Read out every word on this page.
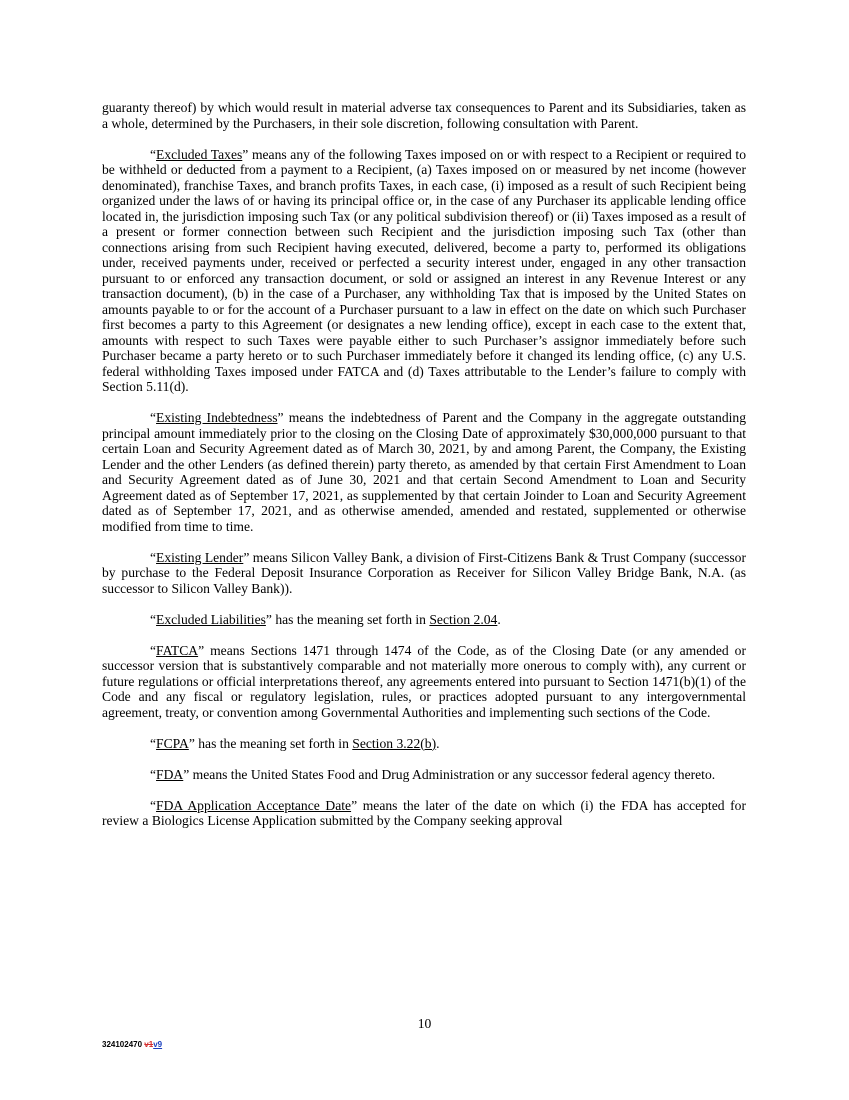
guaranty thereof) by which would result in material adverse tax consequences to Parent and its Subsidiaries, taken as a whole, determined by the Purchasers, in their sole discretion, following consultation with Parent.

“Excluded Taxes” means any of the following Taxes imposed on or with respect to a Recipient or required to be withheld or deducted from a payment to a Recipient, (a) Taxes imposed on or measured by net income (however denominated), franchise Taxes, and branch profits Taxes, in each case, (i) imposed as a result of such Recipient being organized under the laws of or having its principal office or, in the case of any Purchaser its applicable lending office located in, the jurisdiction imposing such Tax (or any political subdivision thereof) or (ii) Taxes imposed as a result of a present or former connection between such Recipient and the jurisdiction imposing such Tax (other than connections arising from such Recipient having executed, delivered, become a party to, performed its obligations under, received payments under, received or perfected a security interest under, engaged in any other transaction pursuant to or enforced any transaction document, or sold or assigned an interest in any Revenue Interest or any transaction document), (b) in the case of a Purchaser, any withholding Tax that is imposed by the United States on amounts payable to or for the account of a Purchaser pursuant to a law in effect on the date on which such Purchaser first becomes a party to this Agreement (or designates a new lending office), except in each case to the extent that, amounts with respect to such Taxes were payable either to such Purchaser’s assignor immediately before such Purchaser became a party hereto or to such Purchaser immediately before it changed its lending office, (c) any U.S. federal withholding Taxes imposed under FATCA and (d) Taxes attributable to the Lender’s failure to comply with Section 5.11(d).

“Existing Indebtedness” means the indebtedness of Parent and the Company in the aggregate outstanding principal amount immediately prior to the closing on the Closing Date of approximately $30,000,000 pursuant to that certain Loan and Security Agreement dated as of March 30, 2021, by and among Parent, the Company, the Existing Lender and the other Lenders (as defined therein) party thereto, as amended by that certain First Amendment to Loan and Security Agreement dated as of June 30, 2021 and that certain Second Amendment to Loan and Security Agreement dated as of September 17, 2021, as supplemented by that certain Joinder to Loan and Security Agreement dated as of September 17, 2021, and as otherwise amended, amended and restated, supplemented or otherwise modified from time to time.

“Existing Lender” means Silicon Valley Bank, a division of First-Citizens Bank & Trust Company (successor by purchase to the Federal Deposit Insurance Corporation as Receiver for Silicon Valley Bridge Bank, N.A. (as successor to Silicon Valley Bank)).

“Excluded Liabilities” has the meaning set forth in Section 2.04.

“FATCA” means Sections 1471 through 1474 of the Code, as of the Closing Date (or any amended or successor version that is substantively comparable and not materially more onerous to comply with), any current or future regulations or official interpretations thereof, any agreements entered into pursuant to Section 1471(b)(1) of the Code and any fiscal or regulatory legislation, rules, or practices adopted pursuant to any intergovernmental agreement, treaty, or convention among Governmental Authorities and implementing such sections of the Code.

“FCPA” has the meaning set forth in Section 3.22(b).

“FDA” means the United States Food and Drug Administration or any successor federal agency thereto.

“FDA Application Acceptance Date” means the later of the date on which (i) the FDA has accepted for review a Biologics License Application submitted by the Company seeking approval

10
324102470 v1v9
